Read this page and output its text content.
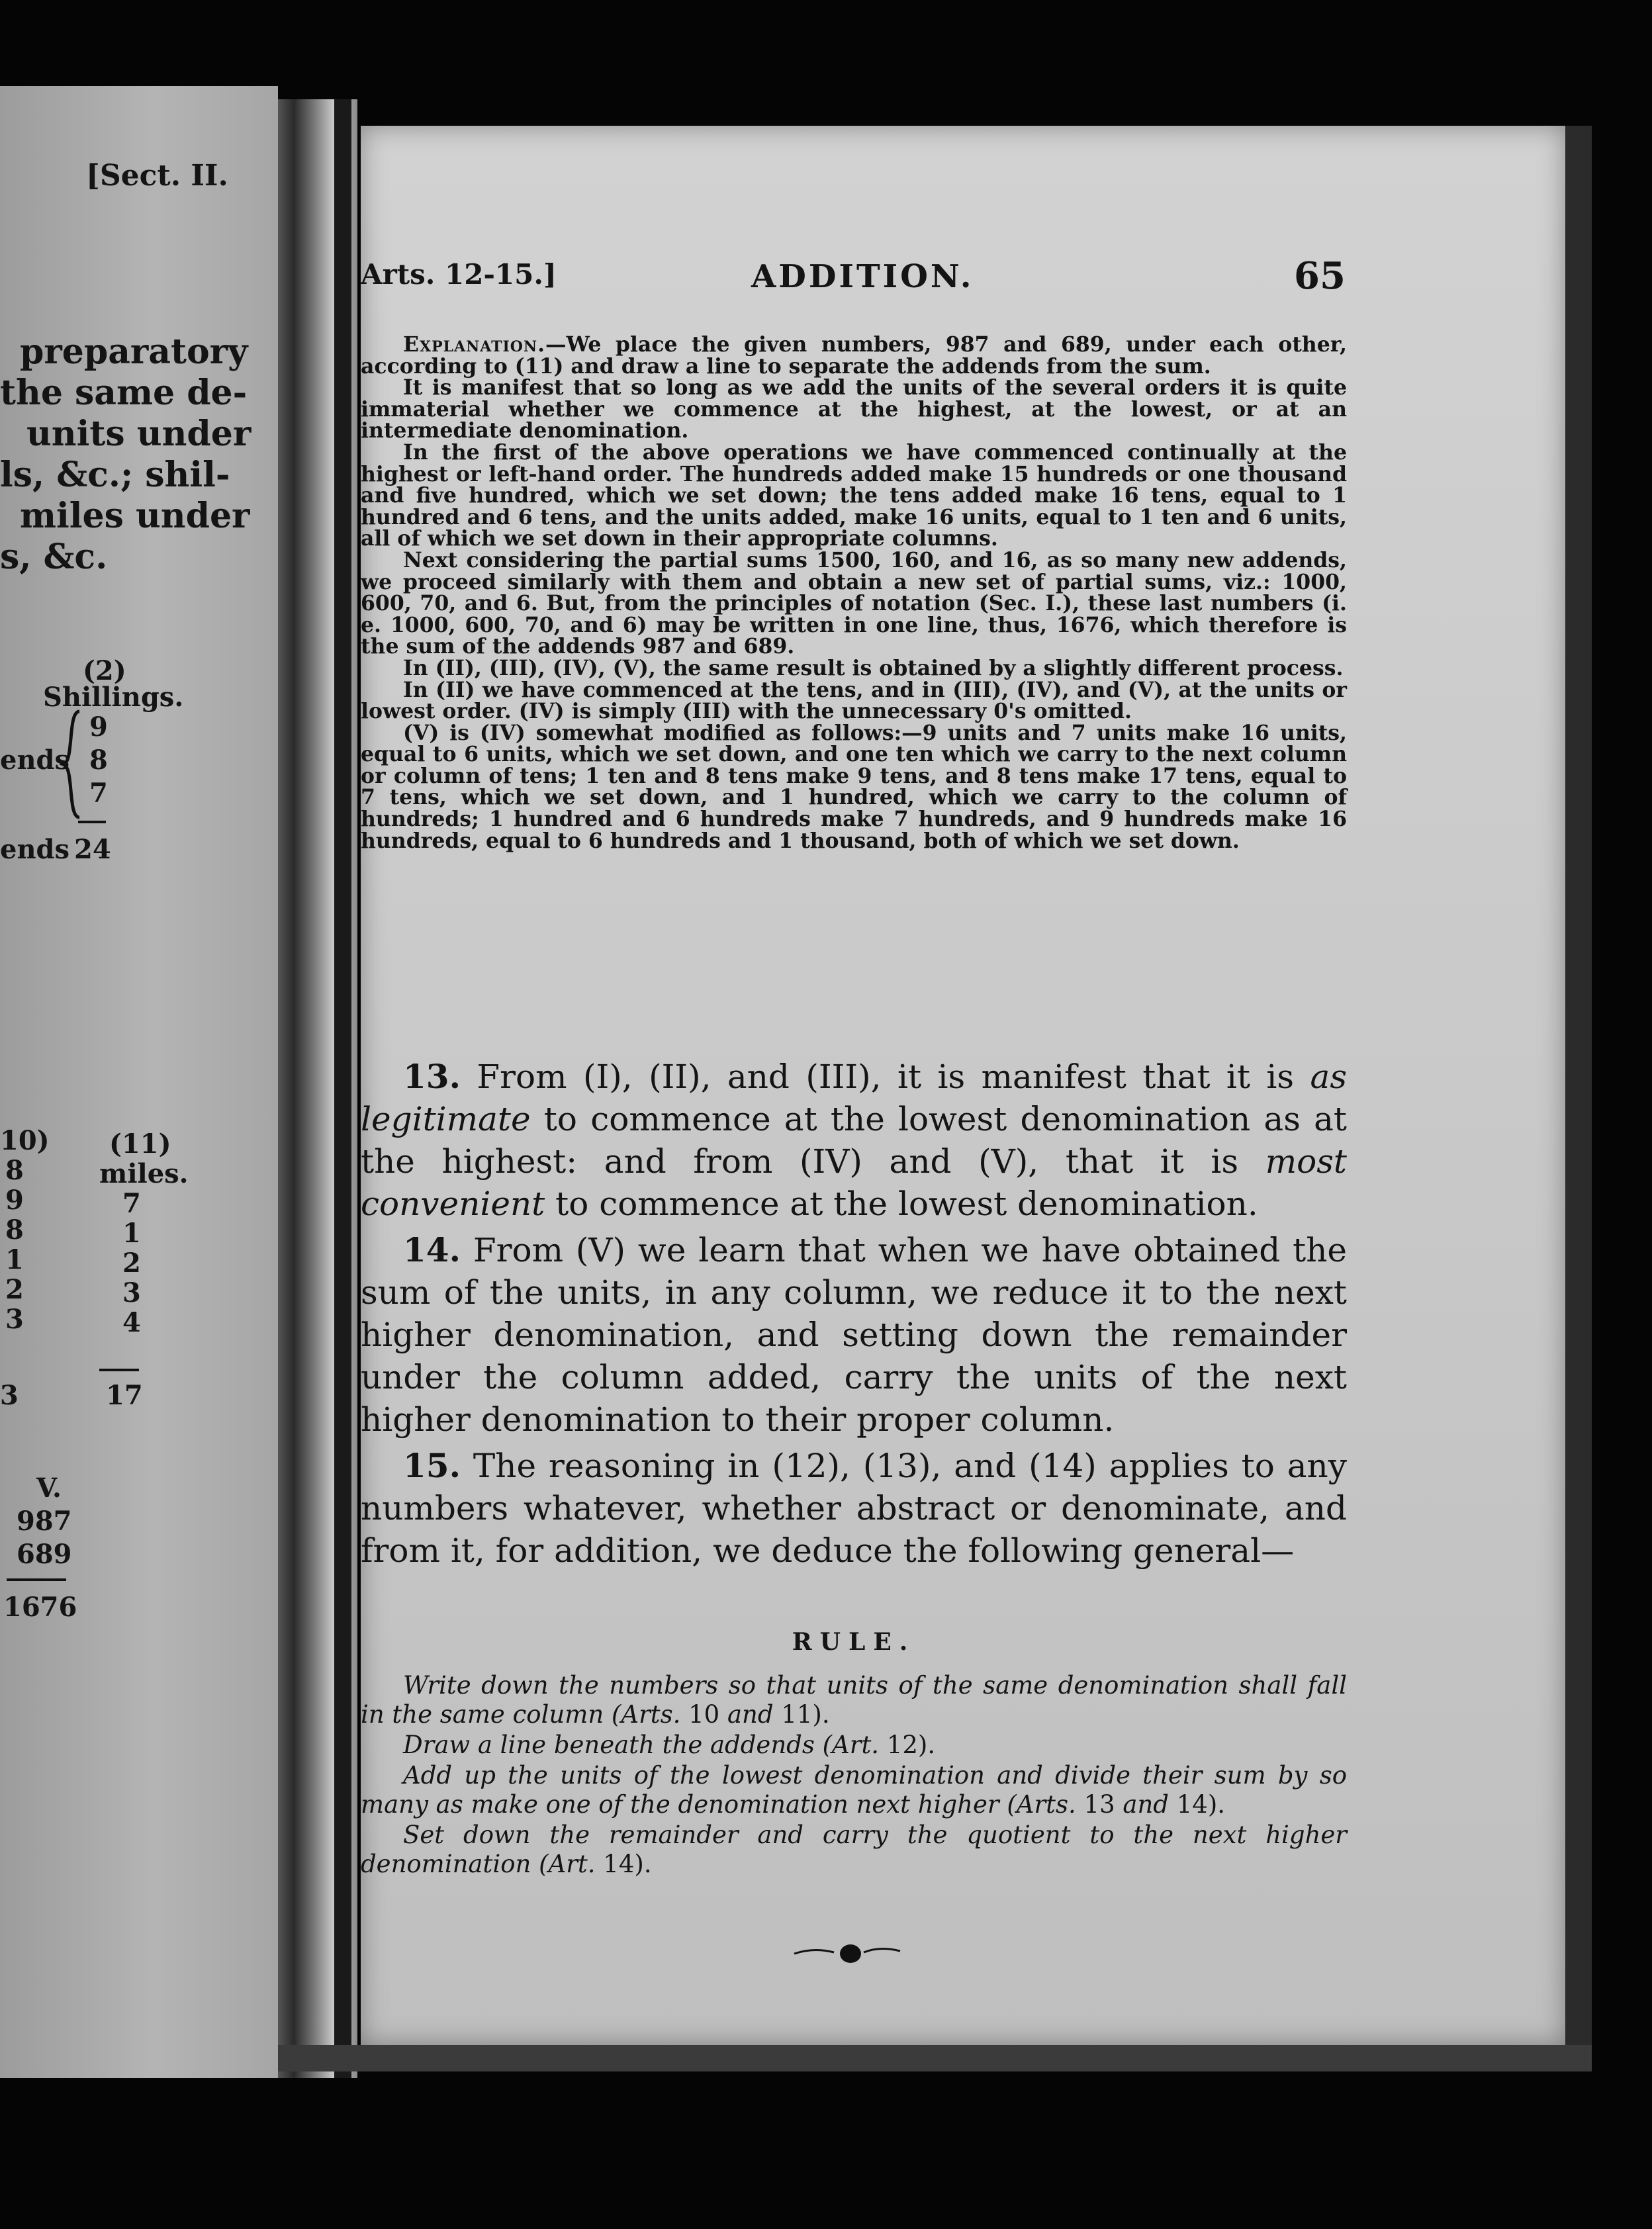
[Sect. II.
preparatory
the same de-
units under
ls, &c.; shil-
miles under
s, &c.
(2)
Shillings.
9
8
7
ends
ends 24
10)
8
9
8
1
2
3
3
(11)
miles.
7
1
2
3
4
17
V.
987
689
1676
Arts. 12-15.]	ADDITION.	65

Explanation.—We place the given numbers, 987 and 689, under each other, according to (11) and draw a line to separate the addends from the sum.

It is manifest that so long as we add the units of the several orders it is quite immaterial whether we commence at the highest, at the lowest, or at an intermediate denomination.

In the first of the above operations we have commenced continually at the highest or left-hand order. The hundreds added make 15 hundreds or one thousand and five hundred, which we set down; the tens added make 16 tens, equal to 1 hundred and 6 tens, and the units added, make 16 units, equal to 1 ten and 6 units, all of which we set down in their appropriate columns.

Next considering the partial sums 1500, 160, and 16, as so many new addends, we proceed similarly with them and obtain a new set of partial sums, viz.: 1000, 600, 70, and 6. But, from the principles of notation (Sec. I.), these last numbers (i. e. 1000, 600, 70, and 6) may be written in one line, thus, 1676, which therefore is the sum of the addends 987 and 689.

In (II), (III), (IV), (V), the same result is obtained by a slightly different process.

In (II) we have commenced at the tens, and in (III), (IV), and (V), at the units or lowest order. (IV) is simply (III) with the unnecessary 0's omitted.

(V) is (IV) somewhat modified as follows:—9 units and 7 units make 16 units, equal to 6 units, which we set down, and one ten which we carry to the next column or column of tens; 1 ten and 8 tens make 9 tens, and 8 tens make 17 tens, equal to 7 tens, which we set down, and 1 hundred, which we carry to the column of hundreds; 1 hundred and 6 hundreds make 7 hundreds, and 9 hundreds make 16 hundreds, equal to 6 hundreds and 1 thousand, both of which we set down.

13. From (I), (II), and (III), it is manifest that it is as legitimate to commence at the lowest denomination as at the highest: and from (IV) and (V), that it is most convenient to commence at the lowest denomination.

14. From (V) we learn that when we have obtained the sum of the units, in any column, we reduce it to the next higher denomination, and setting down the remainder under the column added, carry the units of the next higher denomination to their proper column.

15. The reasoning in (12), (13), and (14) applies to any numbers whatever, whether abstract or denominate, and from it, for addition, we deduce the following general—

RULE.

Write down the numbers so that units of the same denomination shall fall in the same column (Arts. 10 and 11).

Draw a line beneath the addends (Art. 12).

Add up the units of the lowest denomination and divide their sum by so many as make one of the denomination next higher (Arts. 13 and 14).

Set down the remainder and carry the quotient to the next higher denomination (Art. 14).
